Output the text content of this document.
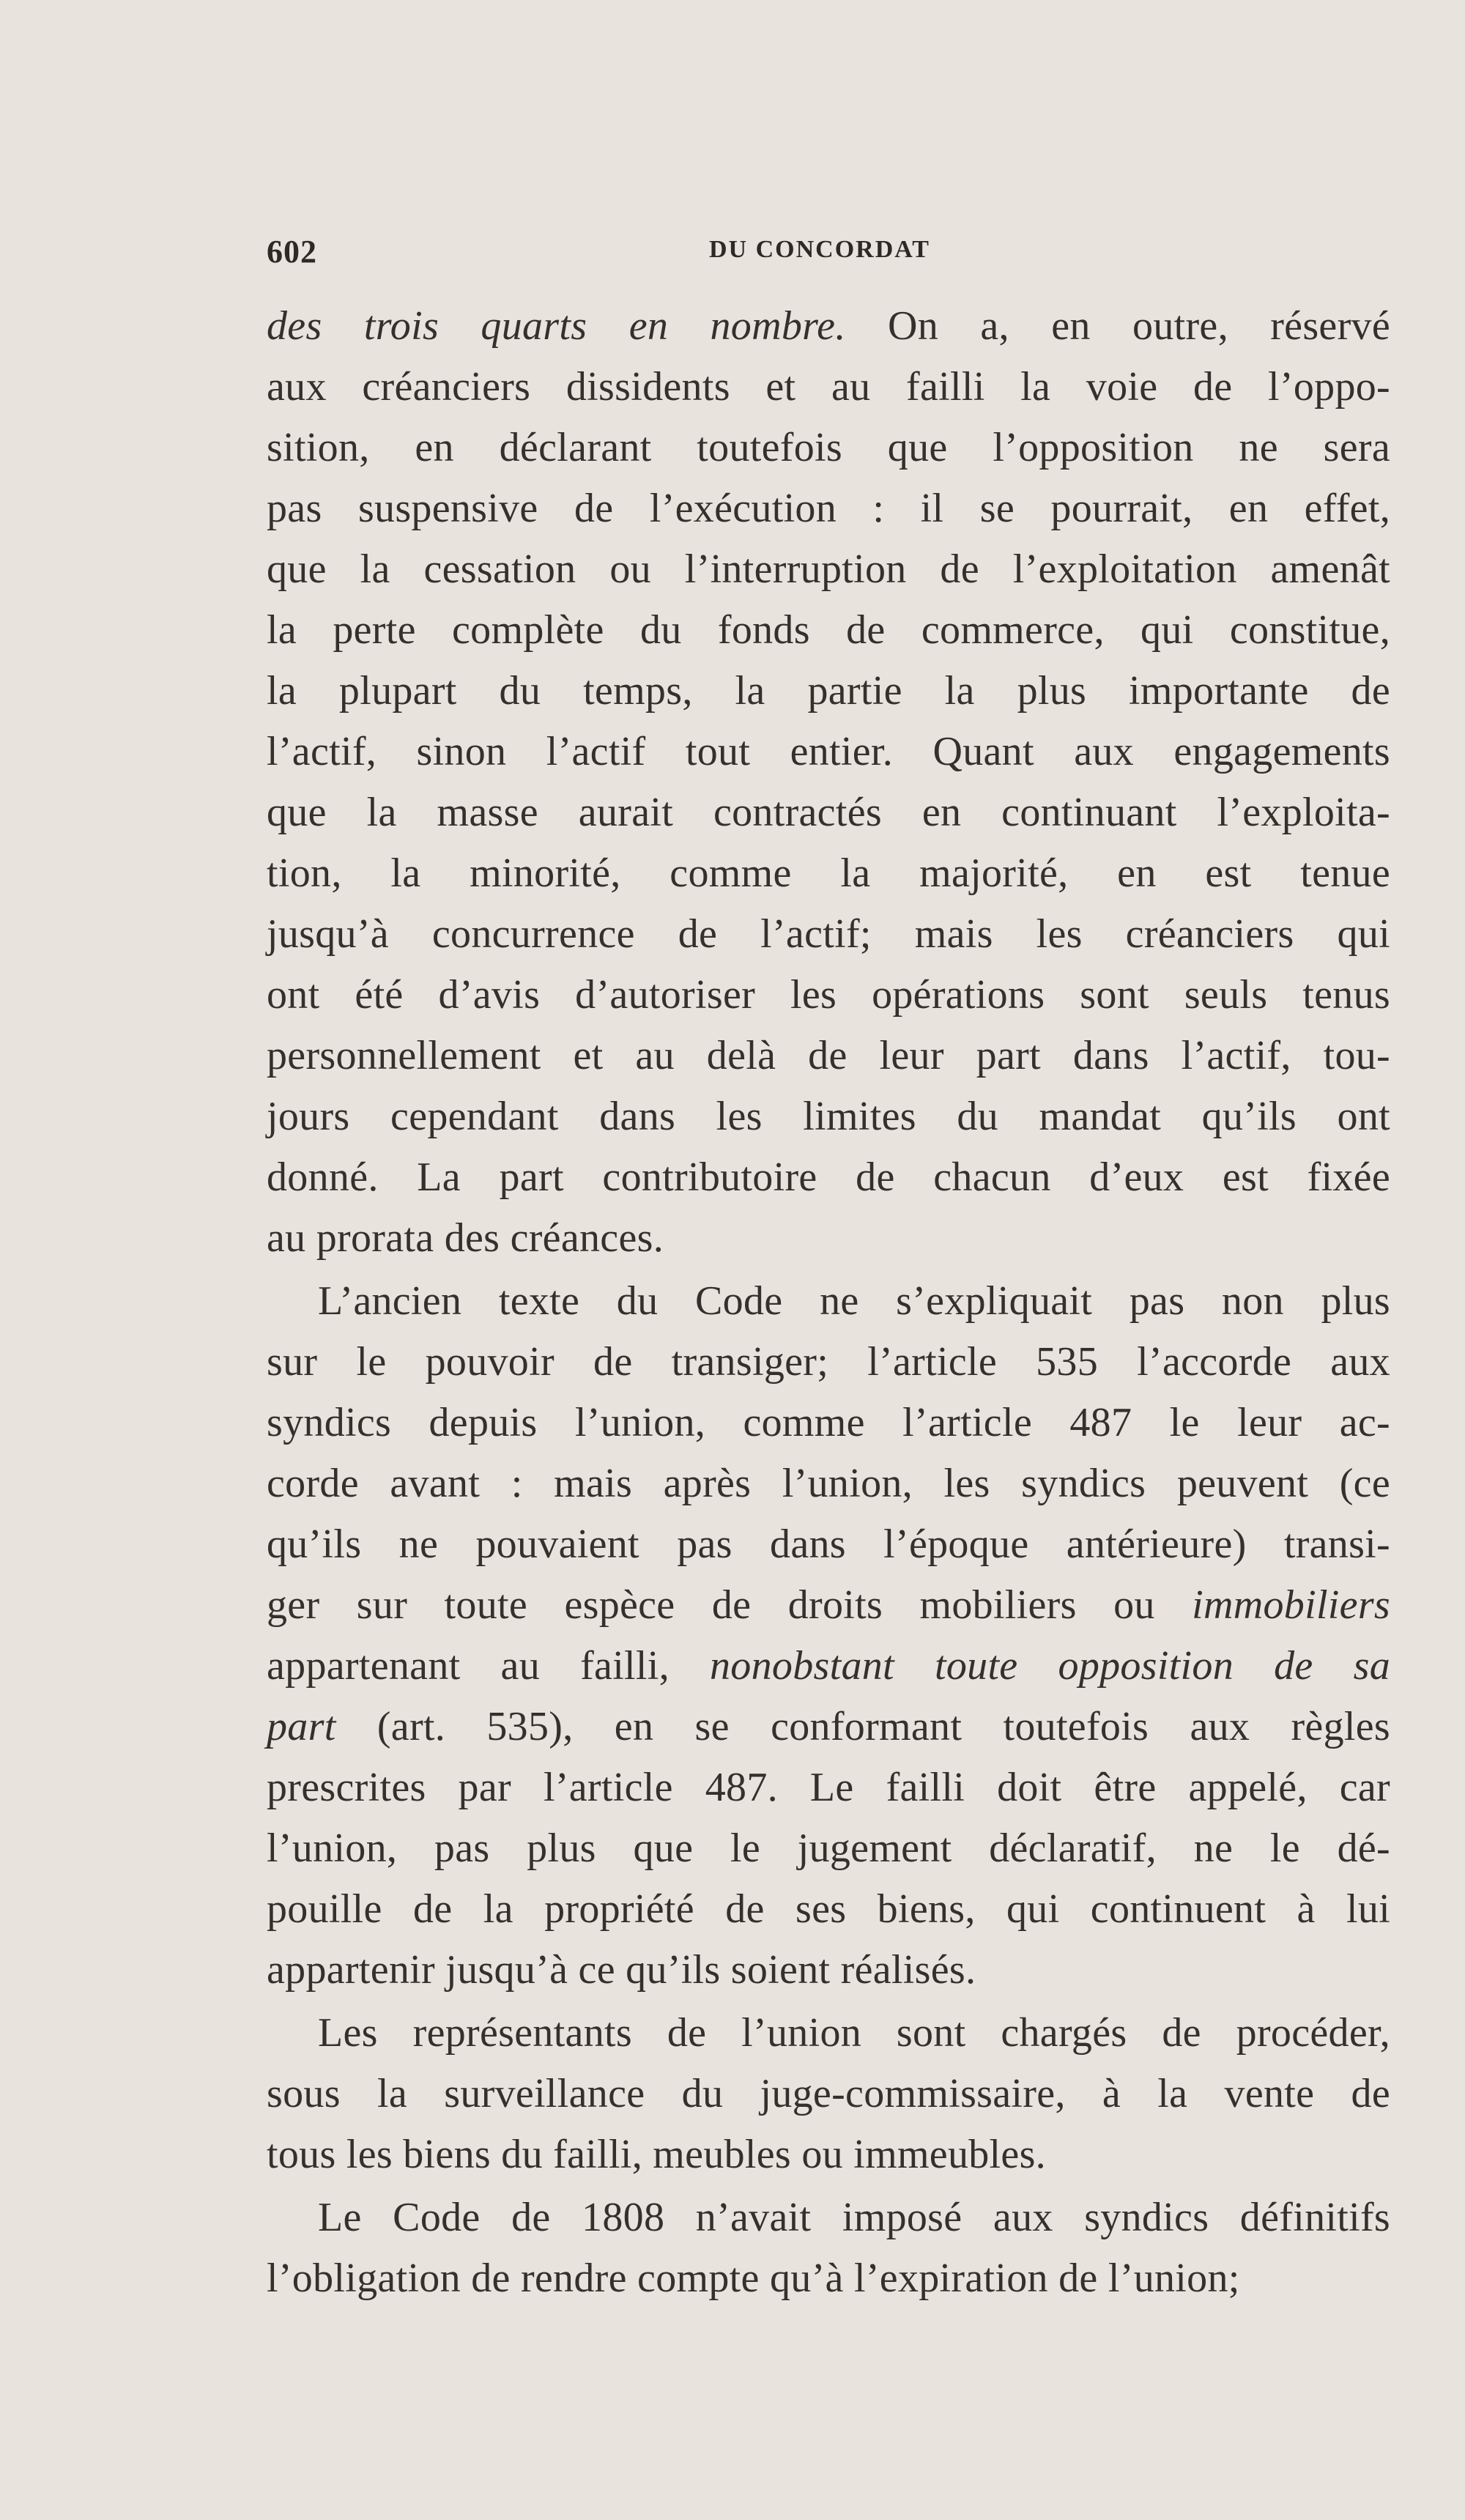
602	DU CONCORDAT
des trois quarts en nombre. On a, en outre, réservé
aux créanciers dissidents et au failli la voie de l’oppo-
sition, en déclarant toutefois que l’opposition ne sera
pas suspensive de l’exécution : il se pourrait, en effet,
que la cessation ou l’interruption de l’exploitation amenât
la perte complète du fonds de commerce, qui constitue,
la plupart du temps, la partie la plus importante de
l’actif, sinon l’actif tout entier. Quant aux engagements
que la masse aurait contractés en continuant l’exploita-
tion, la minorité, comme la majorité, en est tenue
jusqu’à concurrence de l’actif; mais les créanciers qui
ont été d’avis d’autoriser les opérations sont seuls tenus
personnellement et au delà de leur part dans l’actif, tou-
jours cependant dans les limites du mandat qu’ils ont
donné. La part contributoire de chacun d’eux est fixée
au prorata des créances.
L’ancien texte du Code ne s’expliquait pas non plus
sur le pouvoir de transiger; l’article 535 l’accorde aux
syndics depuis l’union, comme l’article 487 le leur ac-
corde avant : mais après l’union, les syndics peuvent (ce
qu’ils ne pouvaient pas dans l’époque antérieure) transi-
ger sur toute espèce de droits mobiliers ou immobiliers
appartenant au failli, nonobstant toute opposition de sa
part (art. 535), en se conformant toutefois aux règles
prescrites par l’article 487. Le failli doit être appelé, car
l’union, pas plus que le jugement déclaratif, ne le dé-
pouille de la propriété de ses biens, qui continuent à lui
appartenir jusqu’à ce qu’ils soient réalisés.
Les représentants de l’union sont chargés de procéder,
sous la surveillance du juge-commissaire, à la vente de
tous les biens du failli, meubles ou immeubles.
Le Code de 1808 n’avait imposé aux syndics définitifs
l’obligation de rendre compte qu’à l’expiration de l’union;
